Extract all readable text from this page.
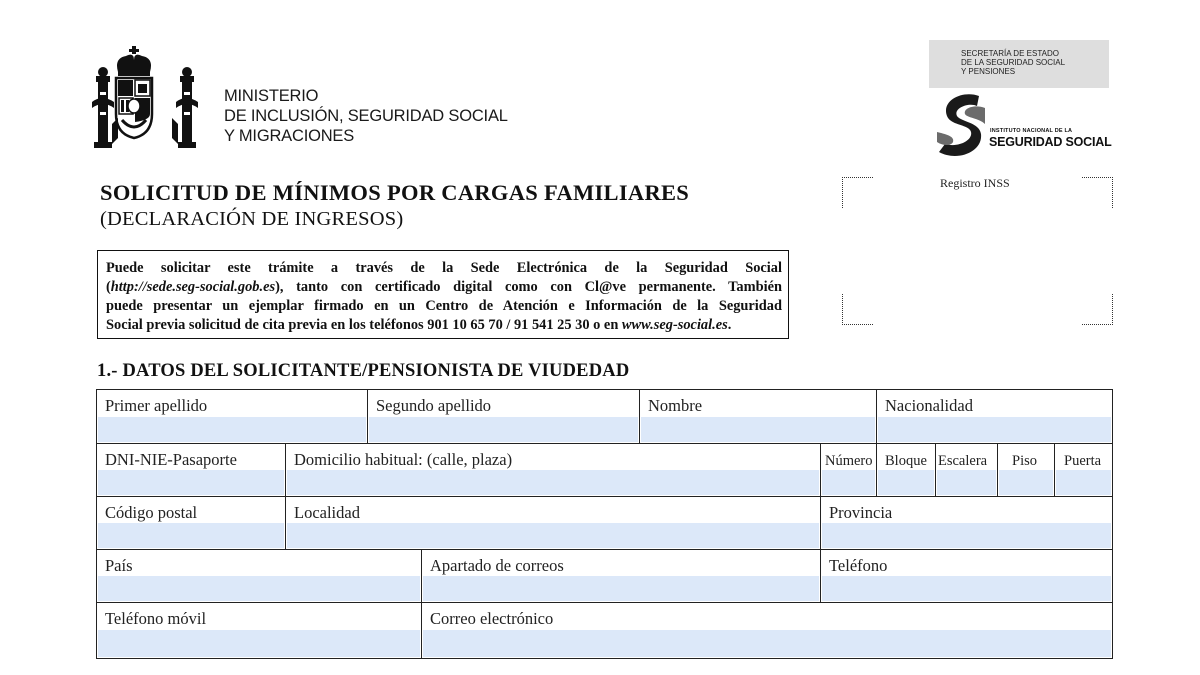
MINISTERIO
DE INCLUSIÓN, SEGURIDAD SOCIAL
Y MIGRACIONES
SECRETARÍA DE ESTADO
DE LA SEGURIDAD SOCIAL
Y PENSIONES
INSTITUTO NACIONAL DE LA
SEGURIDAD SOCIAL
Registro INSS
SOLICITUD DE MÍNIMOS POR CARGAS FAMILIARES
(DECLARACIÓN DE INGRESOS)
Puede solicitar este trámite a través de la Sede Electrónica de la Seguridad Social
(http://sede.seg-social.gob.es), tanto con certificado digital como con Cl@ve permanente. También
puede presentar un ejemplar firmado en un Centro de Atención e Información de la Seguridad
Social previa solicitud de cita previa en los teléfonos 901 10 65 70 / 91 541 25 30 o en www.seg-social.es.
1.- DATOS DEL SOLICITANTE/PENSIONISTA DE VIUDEDAD
Primer apellido	Segundo apellido	Nombre	Nacionalidad
DNI-NIE-Pasaporte	Domicilio habitual: (calle, plaza)	Número Bloque Escalera Piso Puerta
Código postal	Localidad	Provincia
País	Apartado de correos	Teléfono
Teléfono móvil	Correo electrónico
